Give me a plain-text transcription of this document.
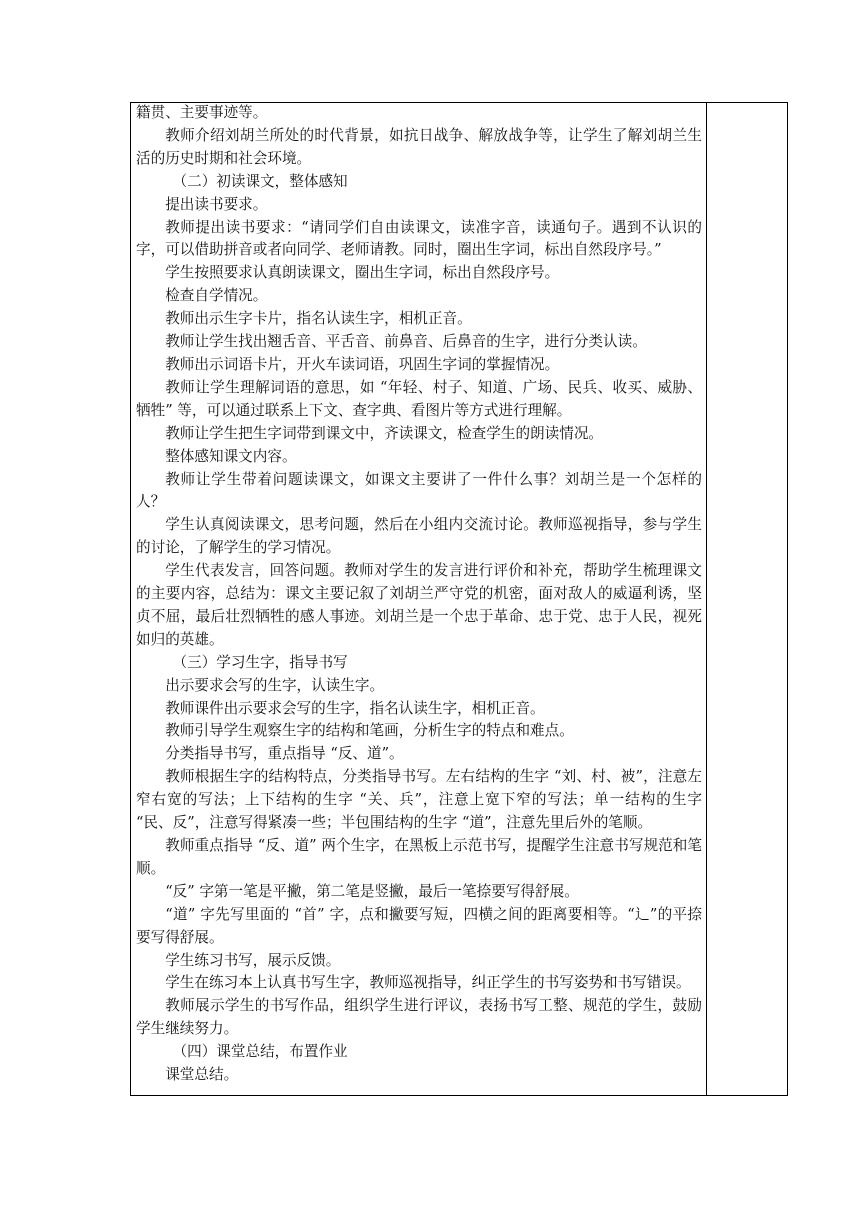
籍贯、主要事迹等。

教师介绍刘胡兰所处的时代背景，如抗日战争、解放战争等，让学生了解刘胡兰生活的历史时期和社会环境。

（二）初读课文，整体感知

提出读书要求。

教师提出读书要求：“请同学们自由读课文，读准字音，读通句子。遇到不认识的字，可以借助拼音或者向同学、老师请教。同时，圈出生字词，标出自然段序号。”

学生按照要求认真朗读课文，圈出生字词，标出自然段序号。

检查自学情况。

教师出示生字卡片，指名认读生字，相机正音。

教师让学生找出翘舌音、平舌音、前鼻音、后鼻音的生字，进行分类认读。

教师出示词语卡片，开火车读词语，巩固生字词的掌握情况。

教师让学生理解词语的意思，如 “年轻、村子、知道、广场、民兵、收买、威胁、牺牲” 等，可以通过联系上下文、查字典、看图片等方式进行理解。

教师让学生把生字词带到课文中，齐读课文，检查学生的朗读情况。

整体感知课文内容。

教师让学生带着问题读课文，如课文主要讲了一件什么事？刘胡兰是一个怎样的人？

学生认真阅读课文，思考问题，然后在小组内交流讨论。教师巡视指导，参与学生的讨论，了解学生的学习情况。

学生代表发言，回答问题。教师对学生的发言进行评价和补充，帮助学生梳理课文的主要内容，总结为：课文主要记叙了刘胡兰严守党的机密，面对敌人的威逼利诱，坚贞不屈，最后壮烈牺牲的感人事迹。刘胡兰是一个忠于革命、忠于党、忠于人民，视死如归的英雄。

（三）学习生字，指导书写

出示要求会写的生字，认读生字。

教师课件出示要求会写的生字，指名认读生字，相机正音。

教师引导学生观察生字的结构和笔画，分析生字的特点和难点。

分类指导书写，重点指导 “反、道”。

教师根据生字的结构特点，分类指导书写。左右结构的生字 “刘、村、被”，注意左窄右宽的写法；上下结构的生字 “关、兵”，注意上宽下窄的写法；单一结构的生字 “民、反”，注意写得紧凑一些；半包围结构的生字 “道”，注意先里后外的笔顺。

教师重点指导 “反、道” 两个生字，在黑板上示范书写，提醒学生注意书写规范和笔顺。

“反” 字第一笔是平撇，第二笔是竖撇，最后一笔捺要写得舒展。

“道” 字先写里面的 “首” 字，点和撇要写短，四横之间的距离要相等。“辶”的平捺要写得舒展。

学生练习书写，展示反馈。

学生在练习本上认真书写生字，教师巡视指导，纠正学生的书写姿势和书写错误。

教师展示学生的书写作品，组织学生进行评议，表扬书写工整、规范的学生，鼓励学生继续努力。

（四）课堂总结，布置作业

课堂总结。
